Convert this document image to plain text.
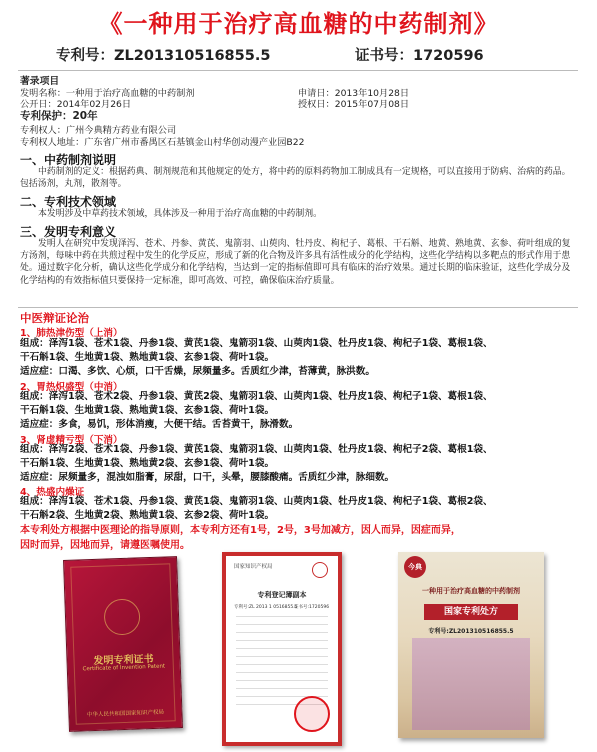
《一种用于治疗高血糖的中药制剂》
专利号：ZL201310516855.5	证书号：1720596
著录项目
发明名称：一种用于治疗高血糖的中药制剂	申请日：2013年10月28日
公开日：2014年02月26日	授权日：2015年07月08日
专利保护：20年
专利权人：广州今典精方药业有限公司
专利权人地址：广东省广州市番禺区石基镇金山村华创动漫产业园B22
一、中药制剂说明
中药制剂的定义：根据药典、制剂规范和其他规定的处方，将中药的原料药物加工制成具有一定规格，可以直接用于防病、治病的药品。包括汤剂，丸剂，散剂等。
二、专利技术领域
本发明涉及中草药技术领域，具体涉及一种用于治疗高血糖的中药制剂。
三、发明专利意义
发明人在研究中发现泽泻、苍术、丹参、黄芪、鬼箭羽、山萸肉、牡丹皮、枸杞子、葛根、干石斛、地黄、熟地黄、玄参、荷叶组成的复方汤剂，每味中药在共煎过程中发生的化学反应，形成了新的化合物及许多具有活性成分的化学结构，这些化学结构以多靶点的形式作用于患处。通过数字化分析，确认这些化学成分和化学结构，当达到一定的指标值即可具有临床的治疗效果。通过长期的临床验证，这些化学成分及化学结构的有效指标值只要保持一定标准，即可高效、可控，确保临床治疗质量。
中医辩证论治
1、肺热津伤型（上消）
组成：泽泻1袋、苍术1袋、丹参1袋、黄芪1袋、鬼箭羽1袋、山萸肉1袋、牡丹皮1袋、枸杞子1袋、葛根1袋、
干石斛1袋、生地黄1袋、熟地黄1袋、玄参1袋、荷叶1袋。
适应症：口渴、多饮、心烦，口干舌燥，尿频量多。舌质红少津，苔薄黄，脉洪数。
2、胃热炽盛型（中消）
组成：泽泻1袋、苍术2袋、丹参1袋、黄芪2袋、鬼箭羽1袋、山萸肉1袋、牡丹皮1袋、枸杞子1袋、葛根1袋、
干石斛1袋、生地黄1袋、熟地黄1袋、玄参1袋、荷叶1袋。
适应症：多食，易饥，形体消瘦，大便干结。舌苔黄干，脉滑数。
3、肾虚精亏型（下消）
组成：泽泻2袋、苍术1袋、丹参1袋、黄芪1袋、鬼箭羽1袋、山萸肉1袋、牡丹皮1袋、枸杞子2袋、葛根1袋、
干石斛1袋、生地黄1袋、熟地黄2袋、玄参1袋、荷叶1袋。
适应症：尿频量多，混浊如脂膏，尿甜，口干，头晕，腰膝酸痛。舌质红少津，脉细数。
4、热盛内燥证
组成：泽泻1袋、苍术1袋、丹参1袋、黄芪1袋、鬼箭羽1袋、山萸肉1袋、牡丹皮1袋、枸杞子1袋、葛根2袋、
干石斛2袋、生地黄2袋、熟地黄1袋、玄参2袋、荷叶1袋。
本专利处方根据中医理论的指导原则，本专利方还有1号，2号，3号加减方，因人而异，因症而异，
因时而异，因地而异，请遵医嘱使用。
发明专利证书
Certificate of Invention Patent
中华人民共和国国家知识产权局
国家知识产权局
专利登记簿副本
专利号:ZL 2013 1 0516855.5
证书号:1720596
今典
一种用于治疗高血糖的中药制剂
国家专利处方
专利号:ZL201310516855.5
